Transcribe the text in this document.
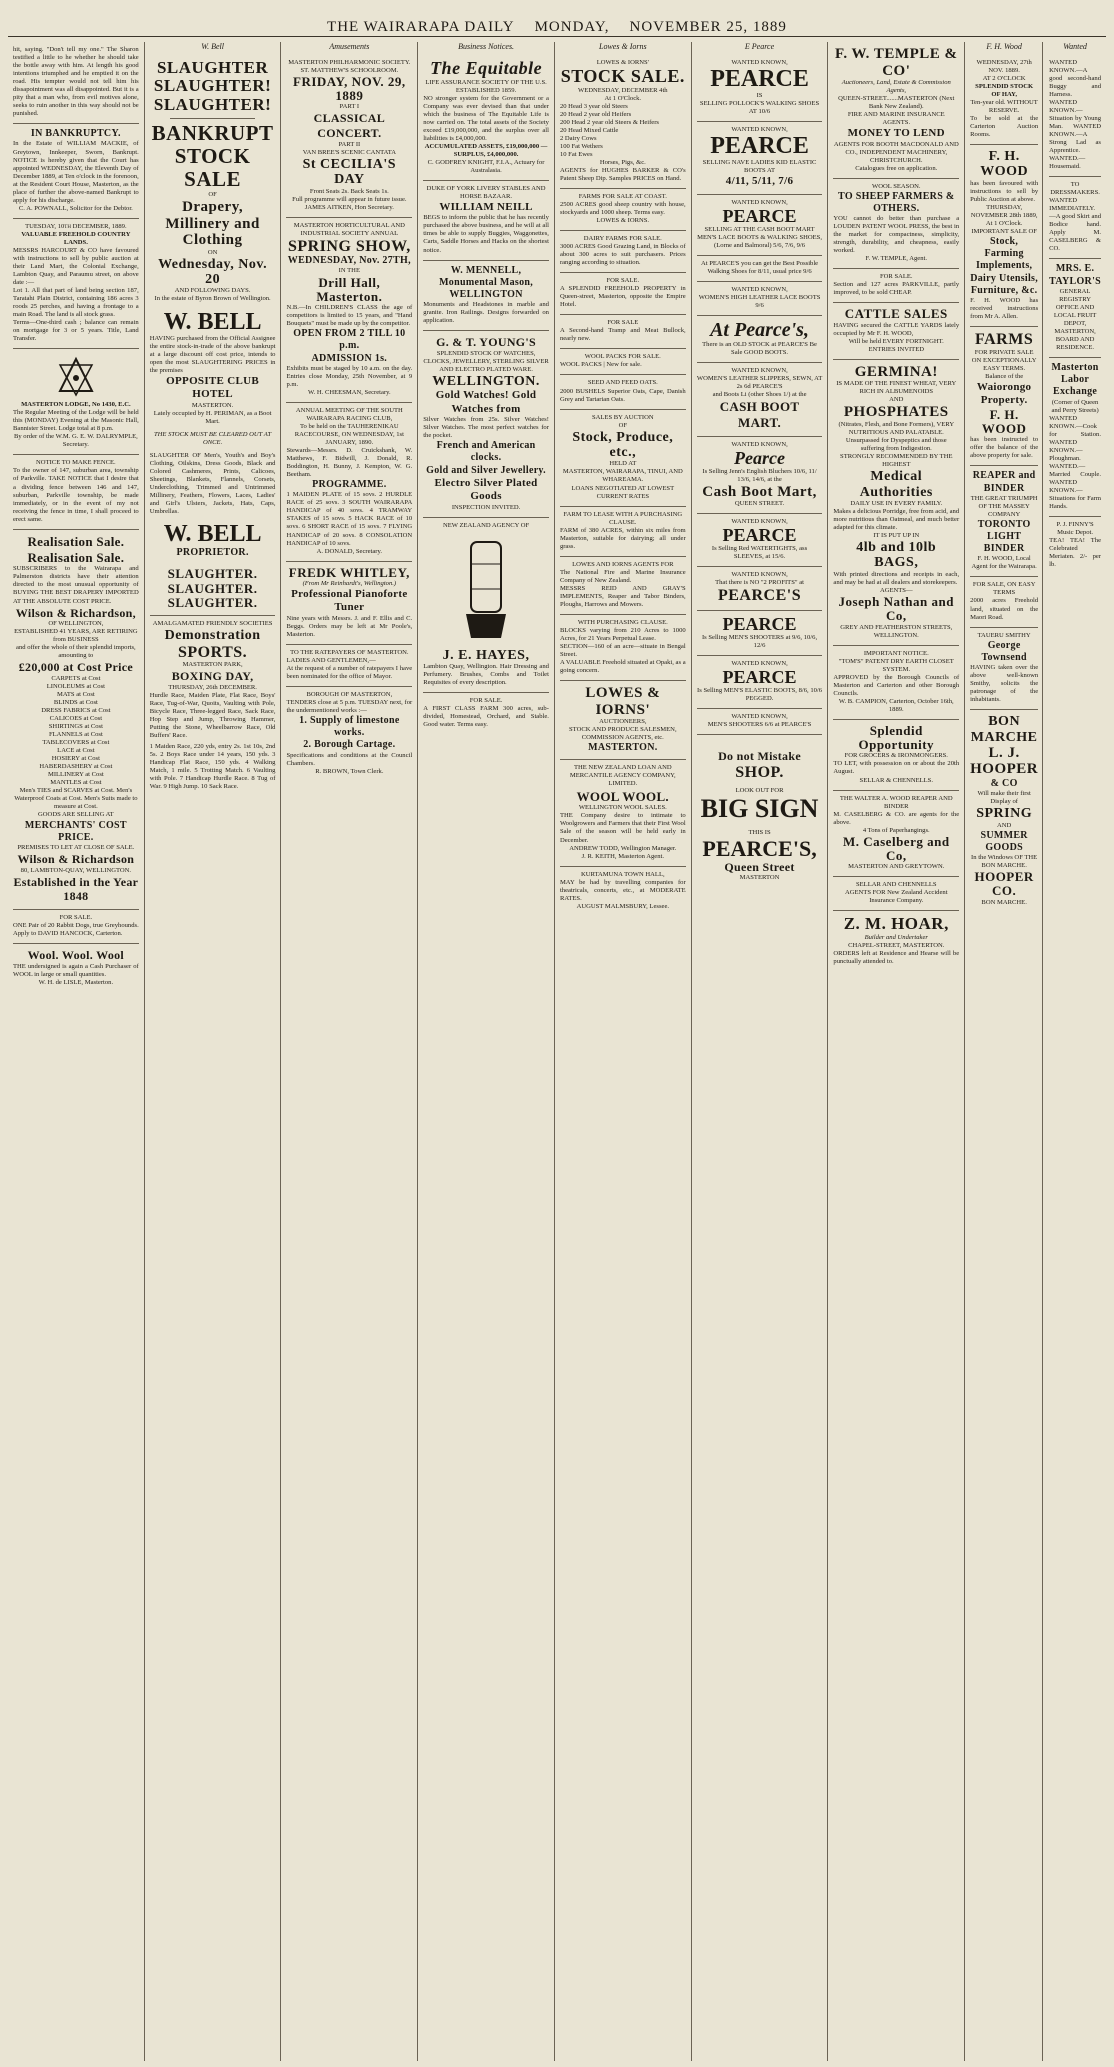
THE WAIRARAPA DAILY MONDAY, NOVEMBER 25, 1889
hit, saying. "Don't tell my one." The Sharon testified a little to he whether he should take the bottle away with him. At length his good intentions triumphed and he emptied it on the road. His tempter would not tell him his dissapointment was all disappointed. But it is a pity that a man who, from evil motives alone, seeks to ruin another in this way should not be punished.
IN BANKRUPTCY.
In the Estate of WILLIAM MACKIE, of Greytown, Innkeeper, Sworn, Bankrupt. NOTICE is hereby given that the Court has appointed WEDNESDAY, the Eleventh Day of December 1889, at Ten o'clock in the forenoon, at the Resident Court House, Masterton, as the place of further the above-named Bankrupt to apply for his discharge.
C. A. POWNALL, Solicitor for the Debtor.
TUESDAY, 10th DECEMBER, 1889.
VALUABLE FREEHOLD COUNTRY LANDS.
MESSRS HARCOURT & CO have favoured with instructions to sell by public auction at their Land Mart, the Colonial Exchange, Lambton Quay, and Paraumu street, on above date :—
Lot 1. All that part of land being section 187, Taratahi Plain District, containing 186 acres 3 roods 25 perches, and having a frontage to a main Road. The land is all stock grass.
Terms—One-third cash ; balance can remain on mortgage for 3 or 5 years. Title, Land Transfer.
MASTERTON LODGE, No 1430, E.C.
The Regular Meeting of the Lodge will be held this (MONDAY) Evening at the Masonic Hall, Bannister Street. Lodge total at 8 p.m.
By order of the W.M. G. E. W. DALRYMPLE, Secretary.
NOTICE TO MAKE FENCE.
To the owner of 147, suburban area, township of Parkville. TAKE NOTICE that I desire that a dividing fence between 146 and 147, suburban, Parkville township, be made immediately, or in the event of my not receiving the fence in time, I shall proceed to erect same.
Realisation Sale.
Realisation Sale.
SUBSCRIBERS to the Wairarapa and Palmerston districts have their attention directed to the most unusual opportunity of BUYING THE BEST DRAPERY IMPORTED AT THE ABSOLUTE COST PRICE.
Wilson & Richardson,
OF WELLINGTON,
ESTABLISHED 41 YEARS, ARE RETIRING from BUSINESS
and offer the whole of their splendid imports, amounting to
£20,000 at Cost Price
CARPETS at Cost
LINOLEUMS at Cost
MATS at Cost
BLINDS at Cost
DRESS FABRICS at Cost
CALICOES at Cost
SHIRTINGS at Cost
FLANNELS at Cost
TABLECOVERS at Cost
LACE at Cost
HOSIERY at Cost
HABERDASHERY at Cost
MILLINERY at Cost
MANTLES at Cost
Men's TIES and SCARVES at Cost. Men's Waterproof Coats at Cost. Men's Suits made to measure at Cost.
GOODS ARE SELLING AT
MERCHANTS' COST PRICE.
PREMISES TO LET AT CLOSE OF SALE.
Wilson & Richardson
80, LAMBTON-QUAY, WELLINGTON.
Established in the Year 1848
FOR SALE.
ONE Pair of 20 Rabbit Dogs, true Greyhounds. Apply to DAVID HANCOCK, Carterton.
Wool. Wool. Wool
THE undersigned is again a Cash Purchaser of WOOL in large or small quantities.
W. H. de LISLE, Masterton.
W. Bell
SLAUGHTER
SLAUGHTER!
SLAUGHTER!
BANKRUPT
STOCK SALE
OF
Drapery, Millinery and Clothing
ON
Wednesday, Nov. 20
AND FOLLOWING DAYS.
In the estate of Byron Brown of Wellington.
W. BELL
HAVING purchased from the Official Assignee the entire stock-in-trade of the above bankrupt at a large discount off cost price, intends to open the most SLAUGHTERING PRICES in the premises
OPPOSITE CLUB HOTEL
MASTERTON.
Lately occupied by H. PERIMAN, as a Boot Mart.
THE STOCK MUST BE CLEARED OUT AT ONCE.
SLAUGHTER OF Men's, Youth's and Boy's Clothing, Oilskins, Dress Goods, Black and Colored Cashmeres, Prints, Calicoes, Sheetings, Blankets, Flannels, Corsets, Underclothing, Trimmed and Untrimmed Millinery, Feathers, Flowers, Laces, Ladies' and Girl's Ulsters, Jackets, Hats, Caps, Umbrellas.
W. BELL
PROPRIETOR.
SLAUGHTER.
SLAUGHTER.
SLAUGHTER.
AMALGAMATED FRIENDLY SOCIETIES
Demonstration
SPORTS.
MASTERTON PARK,
BOXING DAY,
THURSDAY, 26th DECEMBER.
Hurdle Race, Maiden Plate, Flat Race, Boys' Race, Tug-of-War, Quoits, Vaulting with Pole, Bicycle Race, Three-legged Race, Sack Race, Hop Step and Jump, Throwing Hammer, Putting the Stone, Wheelbarrow Race, Old Buffers' Race.
1 Maiden Race, 220 yds, entry 2s. 1st 10s, 2nd 5s. 2 Boys Race under 14 years, 150 yds. 3 Handicap Flat Race, 150 yds. 4 Walking Match, 1 mile. 5 Trotting Match. 6 Vaulting with Pole. 7 Handicap Hurdle Race. 8 Tug of War. 9 High Jump. 10 Sack Race.
Amusements
MASTERTON PHILHARMONIC SOCIETY.
ST. MATTHEW'S SCHOOLROOM.
FRIDAY, NOV. 29, 1889
PART I
CLASSICAL CONCERT.
PART II
VAN BREE'S SCENIC CANTATA
St CECILIA'S DAY
Front Seats 2s. Back Seats 1s.
Full programme will appear in future issue.
JAMES AITKEN, Hon Secretary.
MASTERTON HORTICULTURAL AND INDUSTRIAL SOCIETY ANNUAL
SPRING SHOW,
WEDNESDAY, Nov. 27TH,
IN THE
Drill Hall, Masterton.
N.B.—In CHILDREN'S CLASS the age of competitors is limited to 15 years, and "Hand Bouquets" must be made up by the competitor.
OPEN FROM 2 TILL 10 p.m.
ADMISSION 1s.
Exhibits must be staged by 10 a.m. on the day. Entries close Monday, 25th November, at 9 p.m.
W. H. CHEESMAN, Secretary.
ANNUAL MEETING OF THE SOUTH WAIRARAPA RACING CLUB,
To be held on the TAUHERENIKAU RACECOURSE, ON WEDNESDAY, 1st JANUARY, 1890.
Stewards—Messrs. D. Cruickshank, W. Matthews, F. Bidwill, J. Donald, R. Boddington, H. Bunny, J. Kempton, W. G. Beetham.
PROGRAMME.
1 MAIDEN PLATE of 15 sovs. 2 HURDLE RACE of 25 sovs. 3 SOUTH WAIRARAPA HANDICAP of 40 sovs. 4 TRAMWAY STAKES of 15 sovs. 5 HACK RACE of 10 sovs. 6 SHORT RACE of 15 sovs. 7 FLYING HANDICAP of 20 sovs. 8 CONSOLATION HANDICAP of 10 sovs.
A. DONALD, Secretary.
FREDK WHITLEY,
(From Mr Reinhardt's, Wellington.)
Professional Pianoforte Tuner
Nine years with Messrs. J. and F. Ellis and C. Beggs. Orders may be left at Mr Poole's, Masterton.
TO THE RATEPAYERS OF MASTERTON.
LADIES AND GENTLEMEN,—
At the request of a number of ratepayers I have been nominated for the office of Mayor.
BOROUGH OF MASTERTON,
TENDERS close at 5 p.m. TUESDAY next, for the undermentioned works :—
1. Supply of limestone works.
2. Borough Cartage.
Specifications and conditions at the Council Chambers.
R. BROWN, Town Clerk.
Business Notices.
The Equitable
LIFE ASSURANCE SOCIETY OF THE U.S. ESTABLISHED 1859.
NO stronger system for the Government or a Company was ever devised than that under which the business of The Equitable Life is now carried on. The total assets of the Society exceed £19,000,000, and the surplus over all liabilities is £4,000,000.
ACCUMULATED ASSETS, £19,000,000 — SURPLUS, £4,000,000.
C. GODFREY KNIGHT, F.I.A., Actuary for Australasia.
DUKE OF YORK LIVERY STABLES AND HORSE BAZAAR.
WILLIAM NEILL
BEGS to inform the public that he has recently purchased the above business, and he will at all times be able to supply Buggies, Waggonettes, Carts, Saddle Horses and Hacks on the shortest notice.
W. MENNELL, Monumental Mason,
WELLINGTON
Monuments and Headstones in marble and granite. Iron Railings. Designs forwarded on application.
G. & T. YOUNG'S
SPLENDID STOCK OF WATCHES, CLOCKS, JEWELLERY, STERLING SILVER AND ELECTRO PLATED WARE.
WELLINGTON.
Gold Watches! Gold Watches from
Silver Watches from 25s. Silver Watches! Silver Watches. The most perfect watches for the pocket.
French and American clocks.
Gold and Silver Jewellery.
Electro Silver Plated Goods
INSPECTION INVITED.
NEW ZEALAND AGENCY OF
J. E. HAYES,
Lambton Quay, Wellington. Hair Dressing and Perfumery. Brushes, Combs and Toilet Requisites of every description.
FOR SALE.
A FIRST CLASS FARM 300 acres, sub-divided, Homestead, Orchard, and Stable. Good water. Terms easy.
Lowes & Iorns
LOWES & IORNS'
STOCK SALE.
WEDNESDAY, DECEMBER 4th
At 1 O'Clock.
20 Head 3 year old Steers
20 Head 2 year old Heifers
200 Head 2 year old Steers & Heifers
20 Head Mixed Cattle
2 Dairy Cows
100 Fat Wethers
10 Fat Ewes
Horses, Pigs, &c.
AGENTS for HUGHES BARKER & CO's Patent Sheep Dip. Samples PRICES on Hand.
FARMS FOR SALE AT COAST.
2500 ACRES good sheep country with house, stockyards and 1000 sheep. Terms easy.
LOWES & IORNS.
DAIRY FARMS FOR SALE.
3000 ACRES Good Grazing Land, in Blocks of about 300 acres to suit purchasers. Prices ranging according to situation.
FOR SALE.
A SPLENDID FREEHOLD PROPERTY in Queen-street, Masterton, opposite the Empire Hotel.
FOR SALE
A Second-hand Tramp and Meat Bullock, nearly new.
WOOL PACKS FOR SALE.
WOOL PACKS | New for sale.
SEED AND FEED OATS.
2000 BUSHELS Superior Oats, Cape, Danish Grey and Tartarian Oats.
SALES BY AUCTION
OF
Stock, Produce, etc.,
HELD AT
MASTERTON, WAIRARAPA, TINUI, AND WHAREAMA.
LOANS NEGOTIATED AT LOWEST CURRENT RATES
FARM TO LEASE WITH A PURCHASING CLAUSE.
FARM of 380 ACRES, within six miles from Masterton, suitable for dairying; all under grass.
LOWES AND IORNS AGENTS FOR
The National Fire and Marine Insurance Company of New Zealand.
MESSRS REID AND GRAY'S IMPLEMENTS, Reaper and Tabor Binders, Ploughs, Harrows and Mowers.
WITH PURCHASING CLAUSE.
BLOCKS varying from 210 Acres to 1000 Acres, for 21 Years Perpetual Lease.
SECTION—160 of an acre—situate in Bengal Street.
A VALUABLE Freehold situated at Opaki, as a going concern.
LOWES & IORNS'
AUCTIONEERS,
STOCK AND PRODUCE SALESMEN,
COMMISSION AGENTS, etc.
MASTERTON.
THE NEW ZEALAND LOAN AND MERCANTILE AGENCY COMPANY, LIMITED.
WOOL WOOL.
WELLINGTON WOOL SALES.
THE Company desire to intimate to Woolgrowers and Farmers that their First Wool Sale of the season will be held early in December.
ANDREW TODD, Wellington Manager.
J. R. KEITH, Masterton Agent.
KURTAMUNA TOWN HALL,
MAY be had by travelling companies for theatricals, concerts, etc., at MODERATE RATES.
AUGUST MALMSBURY, Lessee.
E Pearce
WANTED KNOWN,
PEARCE
IS
SELLING POLLOCK'S WALKING SHOES AT 10/6
WANTED KNOWN,
PEARCE
SELLING NAVE LADIES KID ELASTIC BOOTS AT
4/11, 5/11, 7/6
WANTED KNOWN,
PEARCE
SELLING AT THE CASH BOOT MART MEN'S LACE BOOTS & WALKING SHOES, (Lorne and Balmoral) 5/6, 7/6, 9/6
At PEARCE'S you can get the Best Possible Walking Shoes for 8/11, usual price 9/6
WANTED KNOWN,
WOMEN'S HIGH LEATHER LACE BOOTS 9/6
At Pearce's,
There is an OLD STOCK at PEARCE'S Be Sale GOOD BOOTS.
WANTED KNOWN,
WOMEN'S LEATHER SLIPPERS, SEWN, AT 2s 6d PEARCE'S
and Boots Li (other Shoes 1/) at the
CASH BOOT MART.
WANTED KNOWN,
Pearce
Is Selling Jenn's English Bluchers 10/6, 11/ 13/6, 14/6, at the
Cash Boot Mart,
QUEEN STREET.
WANTED KNOWN,
PEARCE
Is Selling Red WATERTIGHTS, ass SLEEVES, at 15/6.
WANTED KNOWN,
That there is NO "2 PROFITS" at
PEARCE'S
PEARCE
Is Selling MEN'S SHOOTERS at 9/6, 10/6, 12/6
WANTED KNOWN,
PEARCE
Is Selling MEN'S ELASTIC BOOTS, 8/6, 10/6 PEGGED.
WANTED KNOWN,
MEN'S SHOOTERS 6/6 at PEARCE'S
Do not Mistake
SHOP.
LOOK OUT FOR
BIG SIGN
THIS IS
PEARCE'S,
Queen Street
MASTERTON
F. W. TEMPLE & CO'
Auctioneers, Land, Estate & Commission Agents,
QUEEN-STREET.......MASTERTON (Next Bank New Zealand).
FIRE AND MARINE INSURANCE AGENTS.
MONEY TO LEND
AGENTS FOR BOOTH MACDONALD AND CO., INDEPENDENT MACHINERY, CHRISTCHURCH.
Catalogues free on application.
WOOL SEASON.
TO SHEEP FARMERS & OTHERS.
YOU cannot do better than purchase a LOUDEN PATENT WOOL PRESS, the best in the market for compactness, simplicity, strength, durability, and cheapness, easily worked.
F. W. TEMPLE, Agent.
FOR SALE.
Section and 127 acres PARKVILLE, partly improved, to be sold CHEAP.
CATTLE SALES
HAVING secured the CATTLE YARDS lately occupied by Mr F. H. WOOD,
Will be held EVERY FORTNIGHT.
ENTRIES INVITED
GERMINA!
IS MADE OF THE FINEST WHEAT, VERY RICH IN ALBUMENOIDS
AND
PHOSPHATES
(Nitrates, Flesh, and Bone Formers), VERY NUTRITIOUS AND PALATABLE.
Unsurpassed for Dyspeptics and those suffering from Indigestion.
STRONGLY RECOMMENDED BY THE HIGHEST
Medical Authorities
DAILY USE IN EVERY FAMILY.
Makes a delicious Porridge, free from acid, and more nutritious than Oatmeal, and much better adapted for this climate.
IT IS PUT UP IN
4lb and 10lb BAGS,
With printed directions and receipts in each, and may be had at all dealers and storekeepers.
AGENTS—
Joseph Nathan and Co,
GREY AND FEATHERSTON STREETS, WELLINGTON.
IMPORTANT NOTICE.
"TOM'S" PATENT DRY EARTH CLOSET SYSTEM.
APPROVED by the Borough Councils of Masterton and Carterton and other Borough Councils.
W. B. CAMPION, Carterton, October 16th, 1889.
Splendid Opportunity
FOR GROCERS & IRONMONGERS.
TO LET, with possession on or about the 20th August.
SELLAR & CHENNELLS.
THE WALTER A. WOOD REAPER AND BINDER
M. CASELBERG & CO. are agents for the above.
4 Tons of Paperhangings.
M. Caselberg and Co,
MASTERTON AND GREYTOWN.
SELLAR AND CHENNELLS
AGENTS FOR New Zealand Accident Insurance Company.
Z. M. HOAR,
Builder and Undertaker
CHAPEL-STREET, MASTERTON.
ORDERS left at Residence and Hearse will be punctually attended to.
F. H. Wood
WEDNESDAY, 27th NOV. 1889.
AT 2 O'CLOCK
SPLENDID STOCK OF HAY,
Ten-year old. WITHOUT RESERVE.
To be sold at the Carterton Auction Rooms.
F. H. WOOD
has been favoured with instructions to sell by Public Auction at above.
THURSDAY, NOVEMBER 28th 1889, At 1 O'Clock.
IMPORTANT SALE OF
Stock, Farming Implements, Dairy Utensils, Furniture, &c.
F. H. WOOD has received instructions from Mr A. Allen.
FARMS
FOR PRIVATE SALE ON EXCEPTIONALLY EASY TERMS.
Balance of the
Waiorongo Property.
F. H. WOOD
has been instructed to offer the balance of the above property for sale.
REAPER and BINDER
THE GREAT TRIUMPH OF THE MASSEY COMPANY
TORONTO LIGHT BINDER
F. H. WOOD, Local Agent for the Wairarapa.
FOR SALE, ON EASY TERMS
2000 acres Freehold land, situated on the Maori Road.
TAUERU SMITHY
George Townsend
HAVING taken over the above well-known Smithy, solicits the patronage of the inhabitants.
BON MARCHE
L. J. HOOPER
& CO
Will make their first Display of
SPRING
AND
SUMMER GOODS
In the Windows OF THE BON MARCHE.
HOOPER CO.
BON MARCHE.
Wanted
WANTED KNOWN.—A good second-hand Buggy and Harness. WANTED KNOWN.—Situation by Young Man. WANTED KNOWN.—A Strong Lad as Apprentice. WANTED.—Housemaid.
TO DRESSMAKERS.
WANTED IMMEDIATELY.—A good Skirt and Bodice hand. Apply M. CASELBERG & CO.
MRS. E. TAYLOR'S
GENERAL REGISTRY OFFICE AND LOCAL FRUIT DEPOT,
MASTERTON,
BOARD AND RESIDENCE.
Masterton Labor Exchange
(Corner of Queen and Perry Streets)
WANTED KNOWN.—Cook for Station. WANTED KNOWN.—Ploughman. WANTED.—Married Couple. WANTED KNOWN.—Situations for Farm Hands.
P. J. FINNY'S Music Depot.
TEA! TEA! The Celebrated Meriaten. 2/- per lb.
